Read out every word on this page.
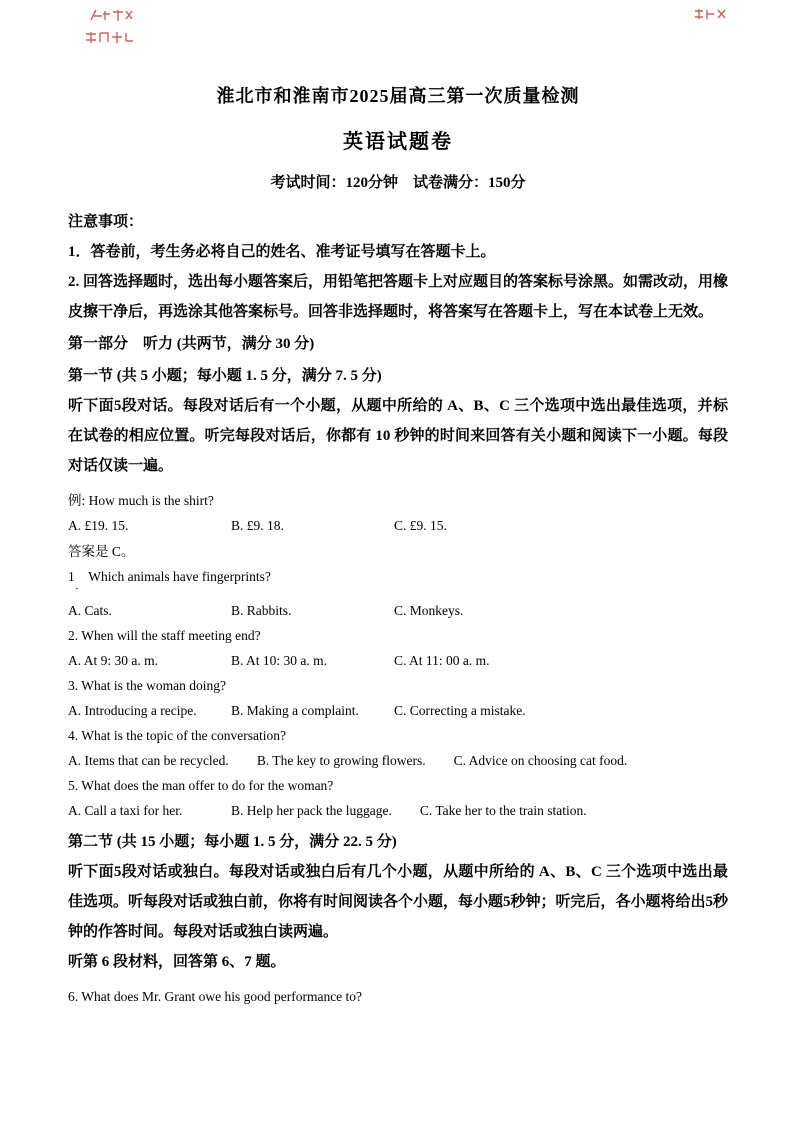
淮北市和淮南市2025届高三第一次质量检测
英语试题卷
考试时间：120分钟    试卷满分：150分
注意事项：
1．答卷前，考生务必将自己的姓名、准考证号填写在答题卡上。
2. 回答选择题时，选出每小题答案后，用铅笔把答题卡上对应题目的答案标号涂黑。如需改动，用橡皮擦干净后，再选涂其他答案标号。回答非选择题时，将答案写在答题卡上，写在本试卷上无效。
第一部分　听力 (共两节，满分 30 分)
第一节 (共 5 小题；每小题 1. 5 分，满分 7. 5 分)
听下面5段对话。每段对话后有一个小题，从题中所给的 A、B、C 三个选项中选出最佳选项，并标在试卷的相应位置。听完每段对话后，你都有 10 秒钟的时间来回答有关小题和阅读下一小题。每段对话仅读一遍。
例: How much is the shirt?
A. £19. 15.	B. £9. 18.	C. £9. 15.
答案是 C。
1　Which animals have fingerprints?
·
A. Cats.	B. Rabbits.	C. Monkeys.
2. When will the staff meeting end?
A. At 9: 30 a. m.	B. At 10: 30 a. m.	C. At 11: 00 a. m.
3. What is the woman doing?
A. Introducing a recipe.	B. Making a complaint.	C. Correcting a mistake.
4. What is the topic of the conversation?
A. Items that can be recycled. B. The key to growing flowers. C. Advice on choosing cat food.
5. What does the man offer to do for the woman?
A. Call a taxi for her.	B. Help her pack the luggage. C. Take her to the train station.
第二节 (共 15 小题；每小题 1. 5 分，满分 22. 5 分)
听下面5段对话或独白。每段对话或独白后有几个小题，从题中所给的 A、B、C 三个选项中选出最佳选项。听每段对话或独白前，你将有时间阅读各个小题，每小题5秒钟；听完后，各小题将给出5秒钟的作答时间。每段对话或独白读两遍。
听第 6 段材料，回答第 6、7 题。
6. What does Mr. Grant owe his good performance to?
